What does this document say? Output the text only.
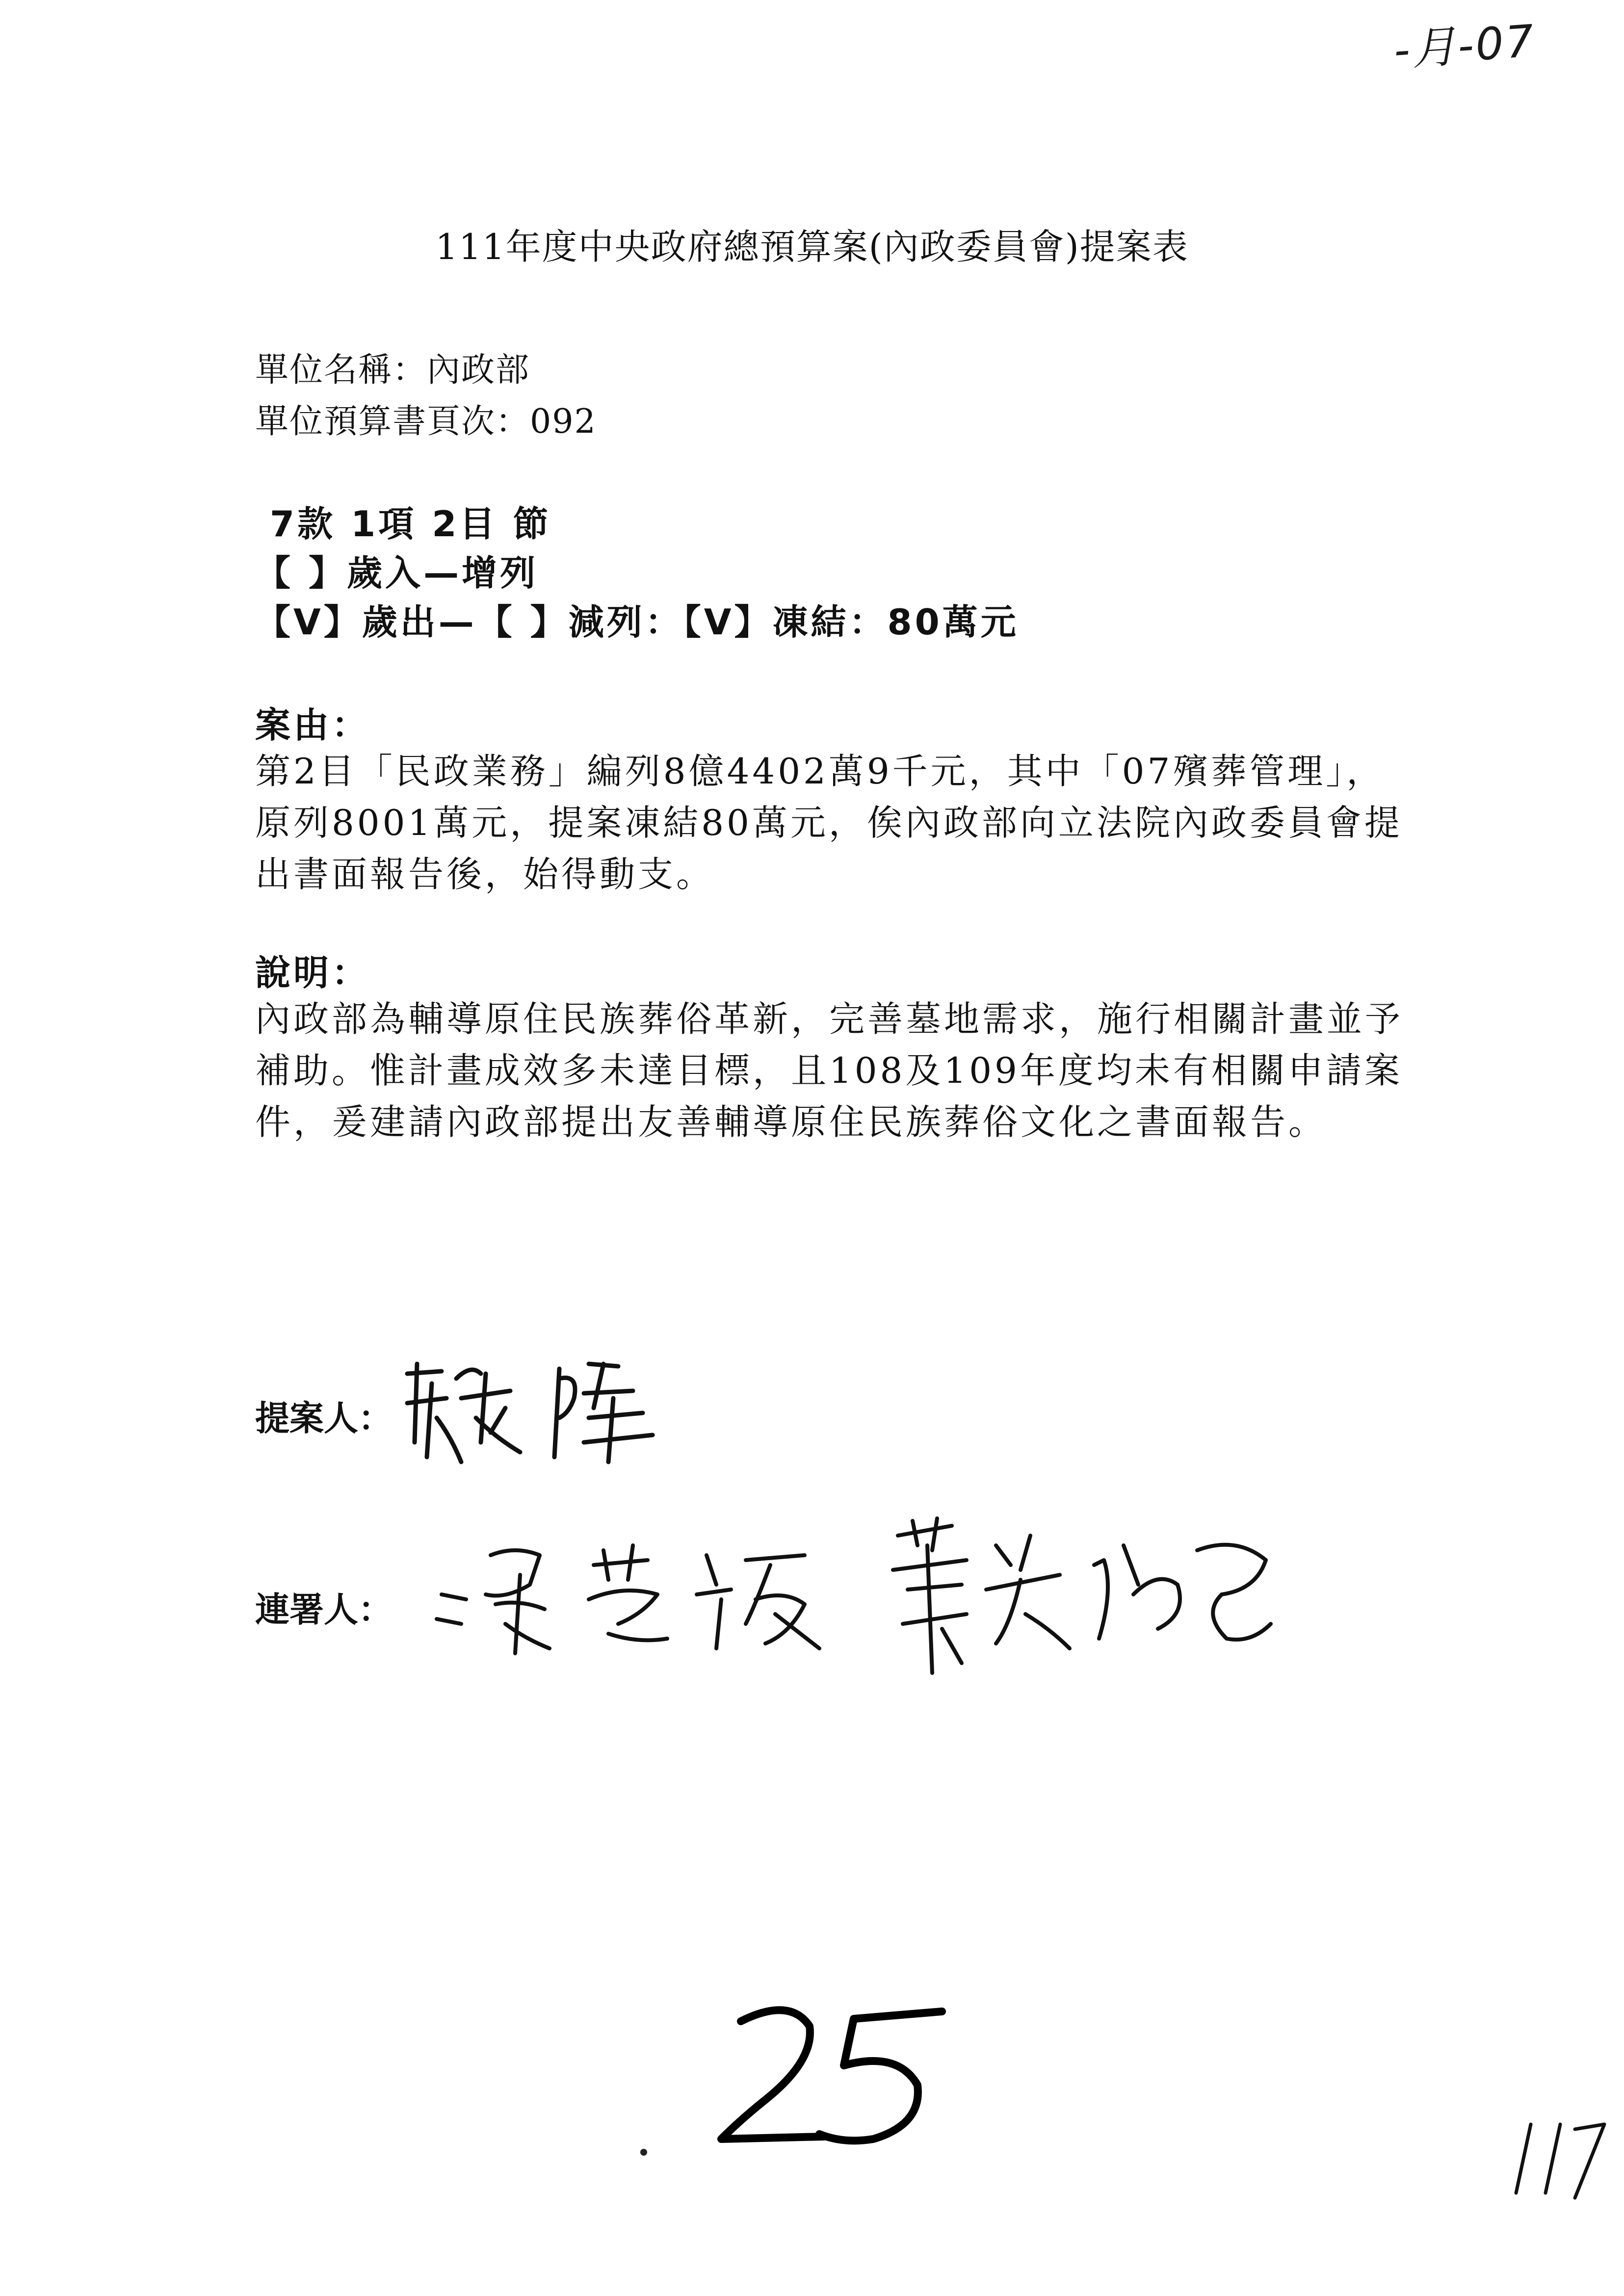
-月-07
111年度中央政府總預算案(內政委員會)提案表
單位名稱：內政部
單位預算書頁次：092
7款 1項 2目 節
【 】歲入—增列
【V】歲出—【 】減列：【V】凍結：80萬元
案由：
第2目「民政業務」編列8億4402萬9千元，其中「07殯葬管理」，
原列8001萬元，提案凍結80萬元，俟內政部向立法院內政委員會提
出書面報告後，始得動支。
說明：
內政部為輔導原住民族葬俗革新，完善墓地需求，施行相關計畫並予
補助。惟計畫成效多未達目標，且108及109年度均未有相關申請案
件，爰建請內政部提出友善輔導原住民族葬俗文化之書面報告。
提案人：
連署人：
